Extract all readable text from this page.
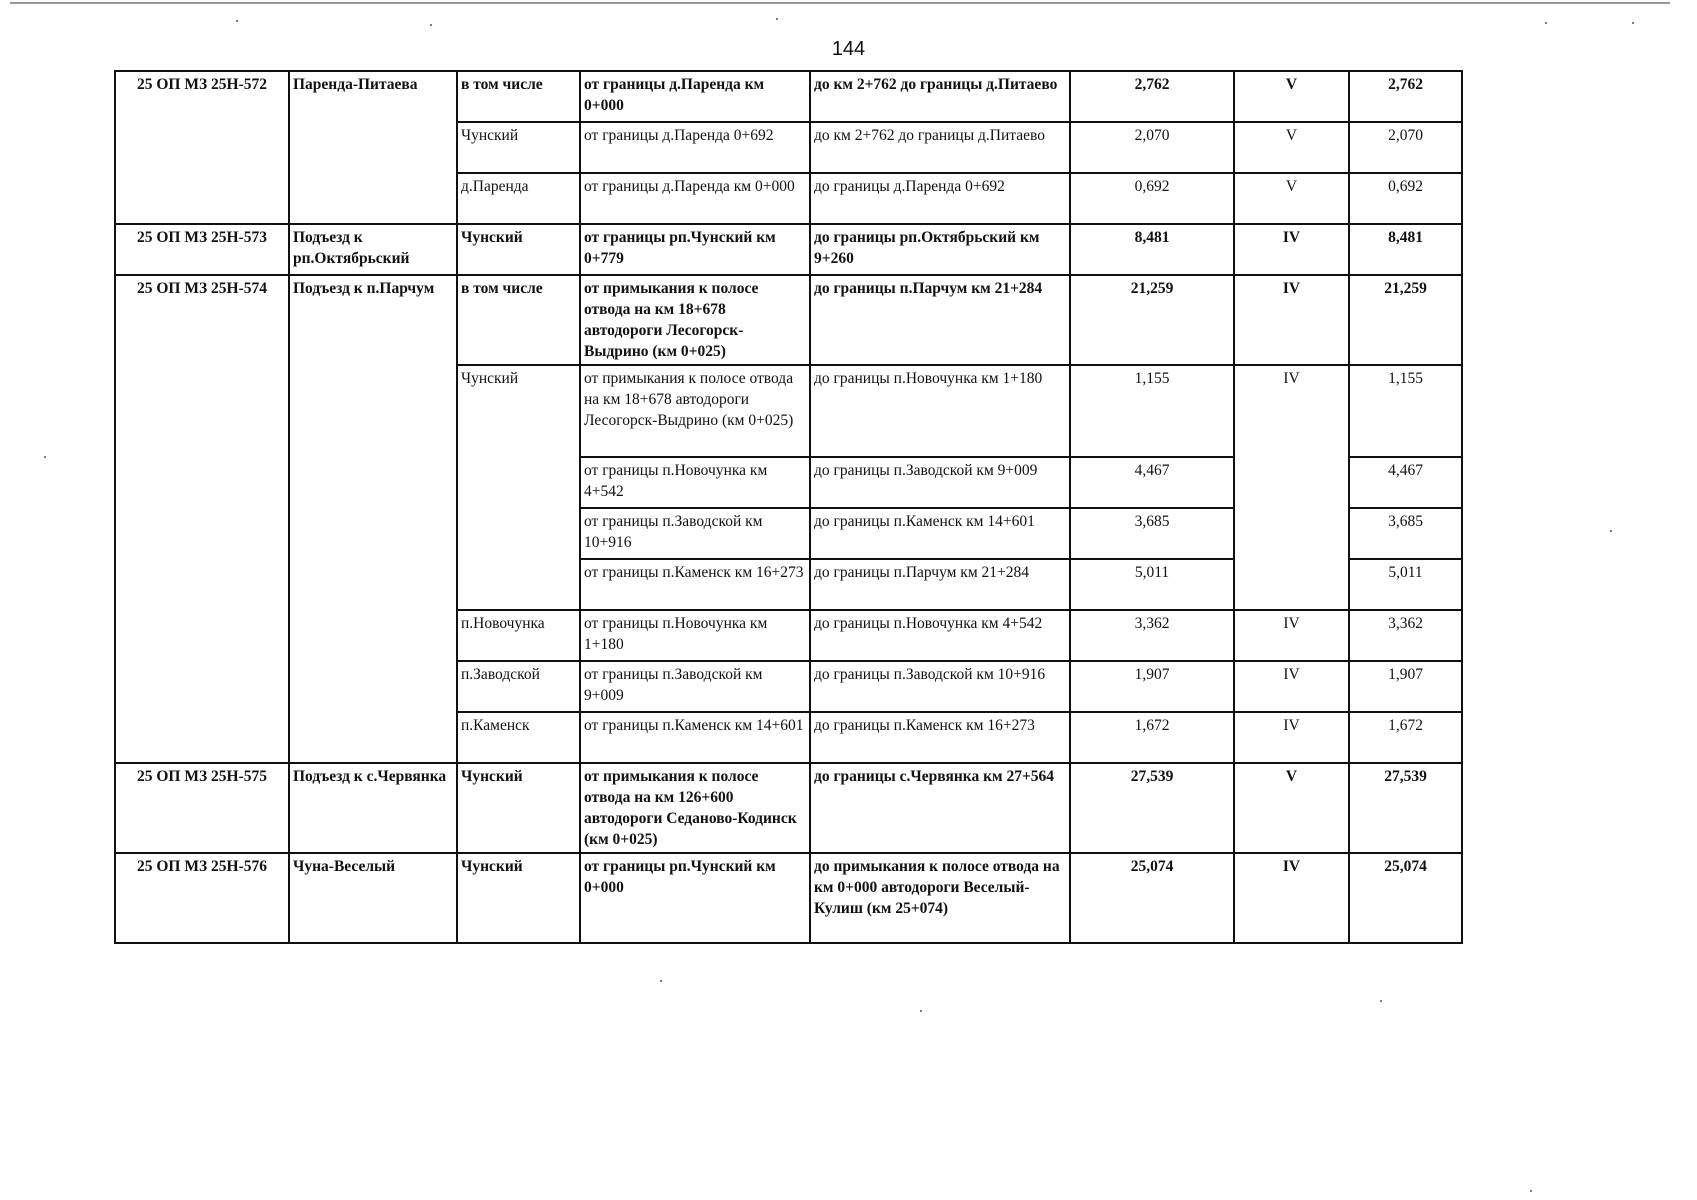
144
25 ОП МЗ 25Н-572	Паренда-Питаева	в том числе	от границы д.Паренда км 0+000	до км 2+762 до границы д.Питаево	2,762	V	2,762
		Чунский	от границы д.Паренда 0+692	до км 2+762 до границы д.Питаево	2,070	V	2,070
		д.Паренда	от границы д.Паренда км 0+000	до границы д.Паренда 0+692	0,692	V	0,692
25 ОП МЗ 25Н-573	Подъезд к рп.Октябрьский	Чунский	от границы рп.Чунский км 0+779	до границы рп.Октябрьский км 9+260	8,481	IV	8,481
25 ОП МЗ 25Н-574	Подъезд к п.Парчум	в том числе	от примыкания к полосе отвода на км 18+678 автодороги Лесогорск-Выдрино (км 0+025)	до границы п.Парчум км 21+284	21,259	IV	21,259
		Чунский	от примыкания к полосе отвода на км 18+678 автодороги Лесогорск-Выдрино (км 0+025)	до границы п.Новочунка км 1+180	1,155	IV	1,155
			от границы п.Новочунка км 4+542	до границы п.Заводской км 9+009	4,467		4,467
			от границы п.Заводской км 10+916	до границы п.Каменск км 14+601	3,685		3,685
			от границы п.Каменск км 16+273	до границы п.Парчум км 21+284	5,011		5,011
		п.Новочунка	от границы п.Новочунка км 1+180	до границы п.Новочунка км 4+542	3,362	IV	3,362
		п.Заводской	от границы п.Заводской км 9+009	до границы п.Заводской км 10+916	1,907	IV	1,907
		п.Каменск	от границы п.Каменск км 14+601	до границы п.Каменск км 16+273	1,672	IV	1,672
25 ОП МЗ 25Н-575	Подъезд к с.Червянка	Чунский	от примыкания к полосе отвода на км 126+600 автодороги Седаново-Кодинск (км 0+025)	до границы с.Червянка км 27+564	27,539	V	27,539
25 ОП МЗ 25Н-576	Чуна-Веселый	Чунский	от границы рп.Чунский км 0+000	до примыкания к полосе отвода на км 0+000 автодороги Веселый-Кулиш (км 25+074)	25,074	IV	25,074
